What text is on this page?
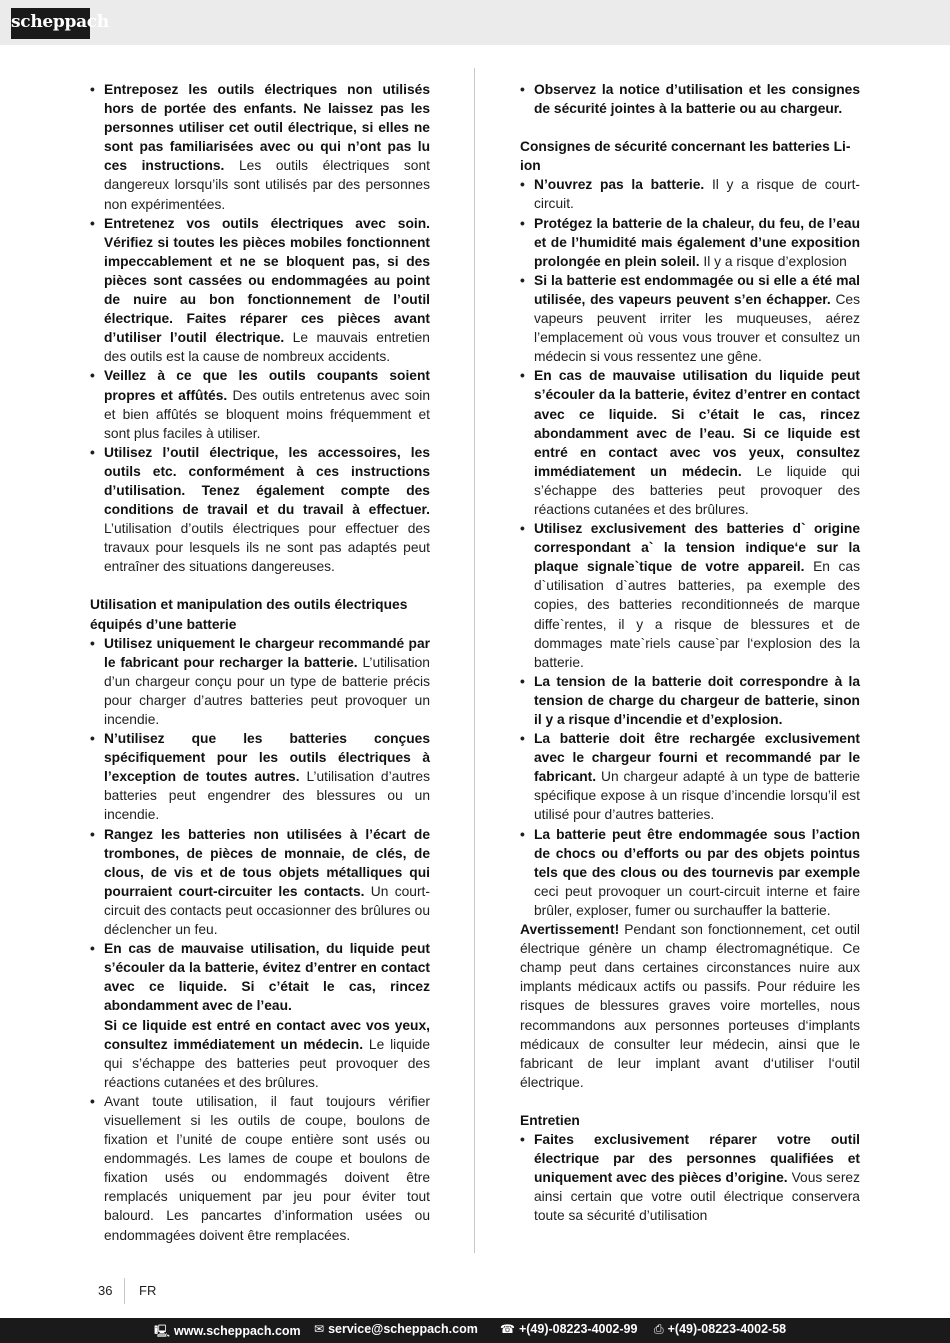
scheppach
• Entreposez les outils électriques non utilisés hors de portée des enfants. Ne laissez pas les personnes utiliser cet outil électrique, si elles ne sont pas familiarisées avec ou qui n’ont pas lu ces instructions. Les outils électriques sont dangereux lorsqu’ils sont utilisés par des personnes non expérimentées.
• Entretenez vos outils électriques avec soin. Vérifiez si toutes les pièces mobiles fonctionnent impeccablement et ne se bloquent pas, si des pièces sont cassées ou endommagées au point de nuire au bon fonctionnement de l’outil électrique. Faites réparer ces pièces avant d’utiliser l’outil électrique. Le mauvais entretien des outils est la cause de nombreux accidents.
• Veillez à ce que les outils coupants soient propres et affûtés. Des outils entretenus avec soin et bien affûtés se bloquent moins fréquemment et sont plus faciles à utiliser.
• Utilisez l’outil électrique, les accessoires, les outils etc. conformément à ces instructions d’utilisation. Tenez également compte des conditions de travail et du travail à effectuer. L’utilisation d’outils électriques pour effectuer des travaux pour lesquels ils ne sont pas adaptés peut entraîner des situations dangereuses.
Utilisation et manipulation des outils électriques équipés d’une batterie
• Utilisez uniquement le chargeur recommandé par le fabricant pour recharger la batterie. L’utilisation d’un chargeur conçu pour un type de batterie précis pour charger d’autres batteries peut provoquer un incendie.
• N’utilisez que les batteries conçues spécifiquement pour les outils électriques à l’exception de toutes autres. L’utilisation d’autres batteries peut engendrer des blessures ou un incendie.
• Rangez les batteries non utilisées à l’écart de trombones, de pièces de monnaie, de clés, de clous, de vis et de tous objets métalliques qui pourraient court-circuiter les contacts. Un court-circuit des contacts peut occasionner des brûlures ou déclencher un feu.
• En cas de mauvaise utilisation, du liquide peut s’écouler da la batterie, évitez d’entrer en contact avec ce liquide. Si c’était le cas, rincez abondamment avec de l’eau.
Si ce liquide est entré en contact avec vos yeux, consultez immédiatement un médecin. Le liquide qui s’échappe des batteries peut provoquer des réactions cutanées et des brûlures.
• Avant toute utilisation, il faut toujours vérifier visuellement si les outils de coupe, boulons de fixation et l’unité de coupe entière sont usés ou endommagés. Les lames de coupe et boulons de fixation usés ou endommagés doivent être remplacés uniquement par jeu pour éviter tout balourd. Les pancartes d’information usées ou endommagées doivent être remplacées.
• Observez la notice d’utilisation et les consignes de sécurité jointes à la batterie ou au chargeur.
Consignes de sécurité concernant les batteries Li-ion
• N’ouvrez pas la batterie. Il y a risque de court-circuit.
• Protégez la batterie de la chaleur, du feu, de l’eau et de l’humidité mais également d’une exposition prolongée en plein soleil. Il y a risque d’explosion
• Si la batterie est endommagée ou si elle a été mal utilisée, des vapeurs peuvent s’en échapper. Ces vapeurs peuvent irriter les muqueuses, aérez l’emplacement où vous vous trouver et consultez un médecin si vous ressentez une gêne.
• En cas de mauvaise utilisation du liquide peut s’écouler da la batterie, évitez d’entrer en contact avec ce liquide. Si c’était le cas, rincez abondamment avec de l’eau. Si ce liquide est entré en contact avec vos yeux, consultez immédiatement un médecin. Le liquide qui s’échappe des batteries peut provoquer des réactions cutanées et des brûlures.
• Utilisez exclusivement des batteries d` origine correspondant a` la tension indique‘e sur la plaque signale`tique de votre appareil. En cas d`utilisation d`autres batteries, pa exemple des copies, des batteries reconditionneés de marque diffe`rentes, il y a risque de blessures et de dommages mate`riels cause`par l‘explosion des la batterie.
• La tension de la batterie doit correspondre à la tension de charge du chargeur de batterie, sinon il y a risque d’incendie et d’explosion.
• La batterie doit être rechargée exclusivement avec le chargeur fourni et recommandé par le fabricant. Un chargeur adapté à un type de batterie spécifique expose à un risque d’incendie lorsqu’il est utilisé pour d’autres batteries.
• La batterie peut être endommagée sous l’action de chocs ou d’efforts ou par des objets pointus tels que des clous ou des tournevis par exemple ceci peut provoquer un court-circuit interne et faire brûler, exploser, fumer ou surchauffer la batterie.
Avertissement! Pendant son fonctionnement, cet outil électrique génère un champ électromagnétique. Ce champ peut dans certaines circonstances nuire aux implants médicaux actifs ou passifs. Pour réduire les risques de blessures graves voire mortelles, nous recommandons aux personnes porteuses d‘implants médicaux de consulter leur médecin, ainsi que le fabricant de leur implant avant d‘utiliser l‘outil électrique.
Entretien
• Faites exclusivement réparer votre outil électrique par des personnes qualifiées et uniquement avec des pièces d’origine. Vous serez ainsi certain que votre outil électrique conservera toute sa sécurité d’utilisation
36 FR
🖳 www.scheppach.com ✉ service@scheppach.com ☎ +(49)-08223-4002-99 ⎙ +(49)-08223-4002-58
